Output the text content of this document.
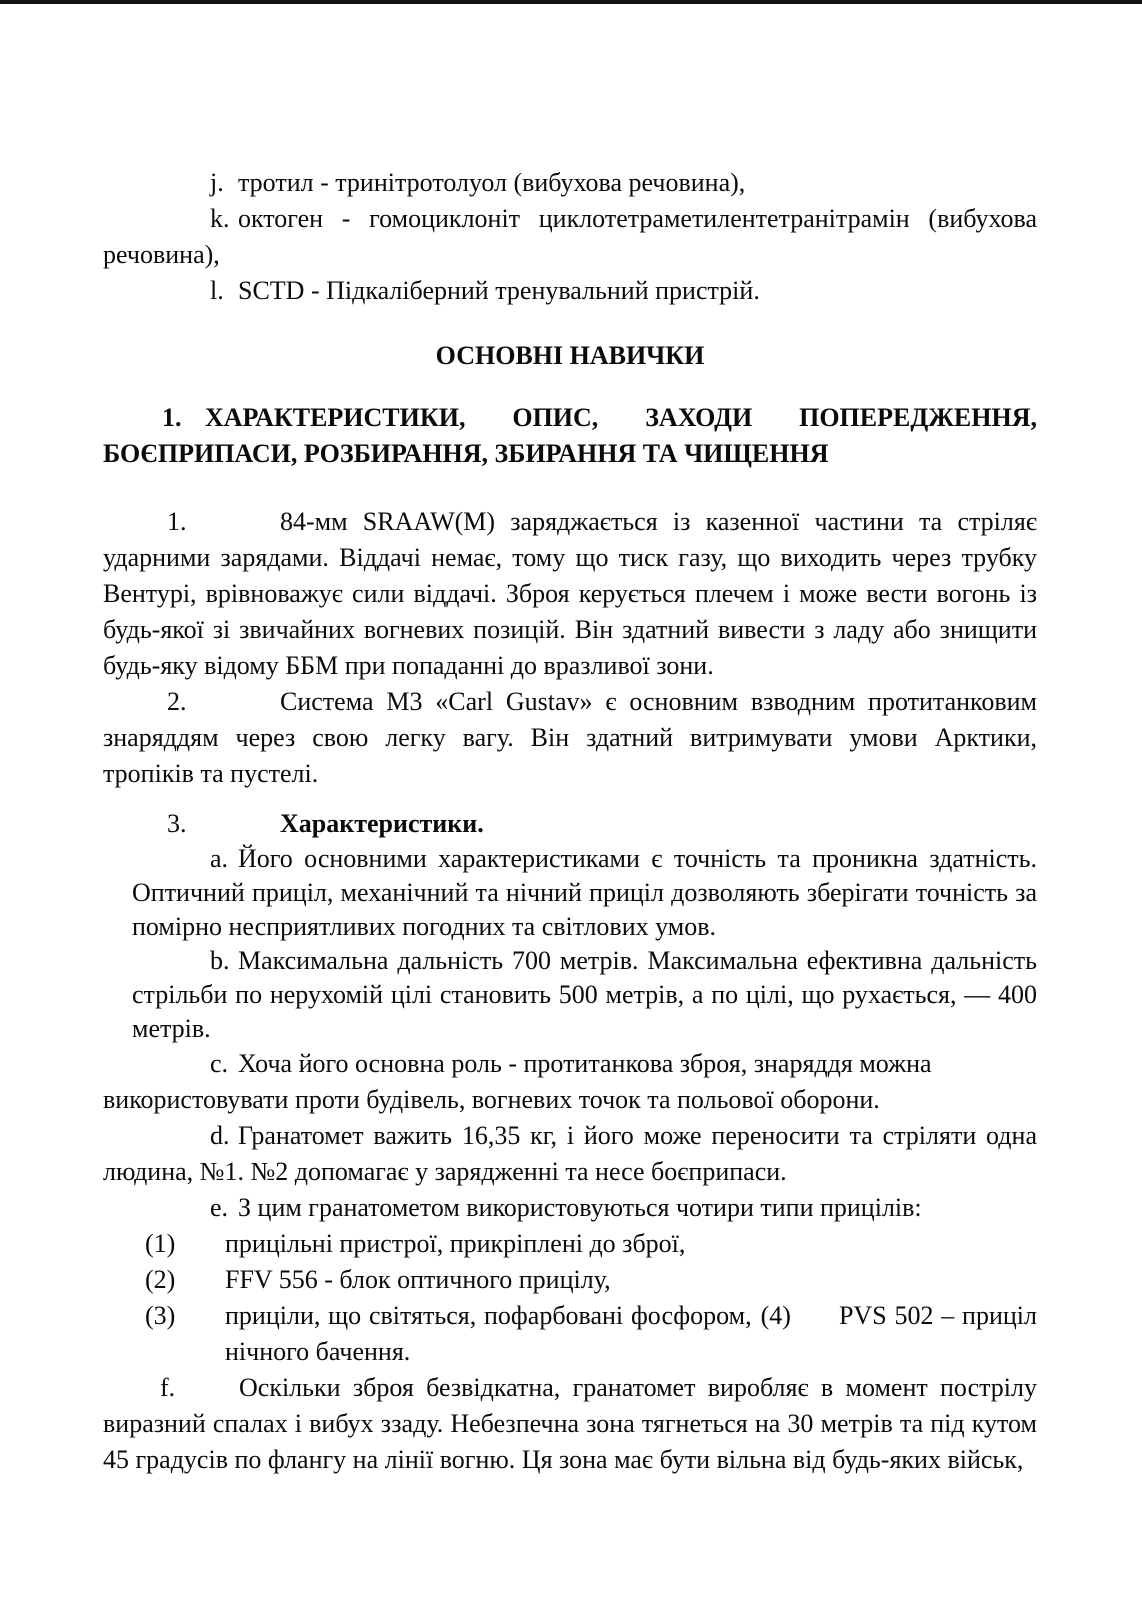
j. тротил - тринітротолуол (вибухова речовина),

k. октоген - гомоциклоніт циклотетраметилентетранітрамін (вибухова речовина),

l. SCTD - Підкаліберний тренувальний пристрій.

ОСНОВНІ НАВИЧКИ

1. ХАРАКТЕРИСТИКИ, ОПИС, ЗАХОДИ ПОПЕРЕДЖЕННЯ, БОЄПРИПАСИ, РОЗБИРАННЯ, ЗБИРАННЯ ТА ЧИЩЕННЯ

1.	84-мм SRAAW(M) заряджається із казенної частини та стріляє ударними зарядами. Віддачі немає, тому що тиск газу, що виходить через трубку Вентурі, врівноважує сили віддачі. Зброя керується плечем і може вести вогонь із будь-якої зі звичайних вогневих позицій. Він здатний вивести з ладу або знищити будь-яку відому ББМ при попаданні до вразливої зони.

2.	Система М3 «Carl Gustav» є основним взводним протитанковим знаряддям через свою легку вагу. Він здатний витримувати умови Арктики, тропіків та пустелі.

3.	Характеристики.

a. Його основними характеристиками є точність та проникна здатність. Оптичний приціл, механічний та нічний приціл дозволяють зберігати точність за помірно несприятливих погодних та світлових умов.

b. Максимальна дальність 700 метрів. Максимальна ефективна дальність стрільби по нерухомій цілі становить 500 метрів, а по цілі, що рухається, — 400 метрів.

c. Хоча його основна роль - протитанкова зброя, знаряддя можна використовувати проти будівель, вогневих точок та польової оборони.

d. Гранатомет важить 16,35 кг, і його може переносити та стріляти одна людина, №1. №2 допомагає у зарядженні та несе боєприпаси.

e. З цим гранатометом використовуються чотири типи прицілів:

(1) прицільні пристрої, прикріплені до зброї,

(2) FFV 556 - блок оптичного прицілу,

(3) приціли, що світяться, пофарбовані фосфором, (4) PVS 502 – приціл нічного бачення.

f. Оскільки зброя безвідкатна, гранатомет виробляє в момент пострілу виразний спалах і вибух ззаду. Небезпечна зона тягнеться на 30 метрів та під кутом 45 градусів по флангу на лінії вогню. Ця зона має бути вільна від будь-яких військ,
